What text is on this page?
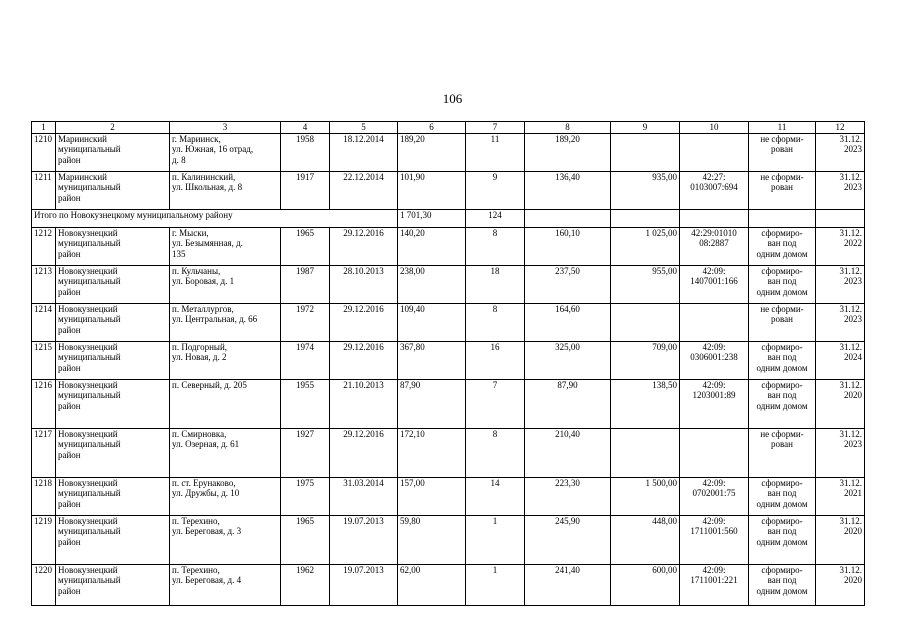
106
1	2	3	4	5	6	7	8	9	10	11	12
1210	Мариинский
муниципальный
район	г. Мариинск,
ул. Южная, 16 отрад,
д. 8	1958	18.12.2014	189,20	11	189,20			не сформи-
рован	31.12.
2023
1211	Мариинский
муниципальный
район	п. Калининский,
ул. Школьная, д. 8	1917	22.12.2014	101,90	9	136,40	935,00	42:27:
0103007:694	не сформи-
рован	31.12.
2023
Итого по Новокузнецкому муниципальному району					1 701,30	124					
1212	Новокузнецкий
муниципальный
район	г. Мыски,
ул. Безымянная, д.
135	1965	29.12.2016	140,20	8	160,10	1 025,00	42:29:01010
08:2887	сформиро-
ван под
одним домом	31.12.
2022
1213	Новокузнецкий
муниципальный
район	п. Кульчаны,
ул. Боровая, д. 1	1987	28.10.2013	238,00	18	237,50	955,00	42:09:
1407001:166	сформиро-
ван под
одним домом	31.12.
2023
1214	Новокузнецкий
муниципальный
район	п. Металлургов,
ул. Центральная, д. 66	1972	29.12.2016	109,40	8	164,60			не сформи-
рован	31.12.
2023
1215	Новокузнецкий
муниципальный
район	п. Подгорный,
ул. Новая, д. 2	1974	29.12.2016	367,80	16	325,00	709,00	42:09:
0306001:238	сформиро-
ван под
одним домом	31.12.
2024
1216	Новокузнецкий
муниципальный
район	п. Северный, д. 205	1955	21.10.2013	87,90	7	87,90	138,50	42:09:
1203001:89	сформиро-
ван под
одним домом	31.12.
2020
1217	Новокузнецкий
муниципальный
район	п. Смирновка,
ул. Озерная, д. 61	1927	29.12.2016	172,10	8	210,40			не сформи-
рован	31.12.
2023
1218	Новокузнецкий
муниципальный
район	п. ст. Ерунаково,
ул. Дружбы, д. 10	1975	31.03.2014	157,00	14	223,30	1 500,00	42:09:
0702001:75	сформиро-
ван под
одним домом	31.12.
2021
1219	Новокузнецкий
муниципальный
район	п. Терехино,
ул. Береговая, д. 3	1965	19.07.2013	59,80	1	245,90	448,00	42:09:
1711001:560	сформиро-
ван под
одним домом	31.12.
2020
1220	Новокузнецкий
муниципальный
район	п. Терехино,
ул. Береговая, д. 4	1962	19.07.2013	62,00	1	241,40	600,00	42:09:
1711001:221	сформиро-
ван под
одним домом	31.12.
2020
